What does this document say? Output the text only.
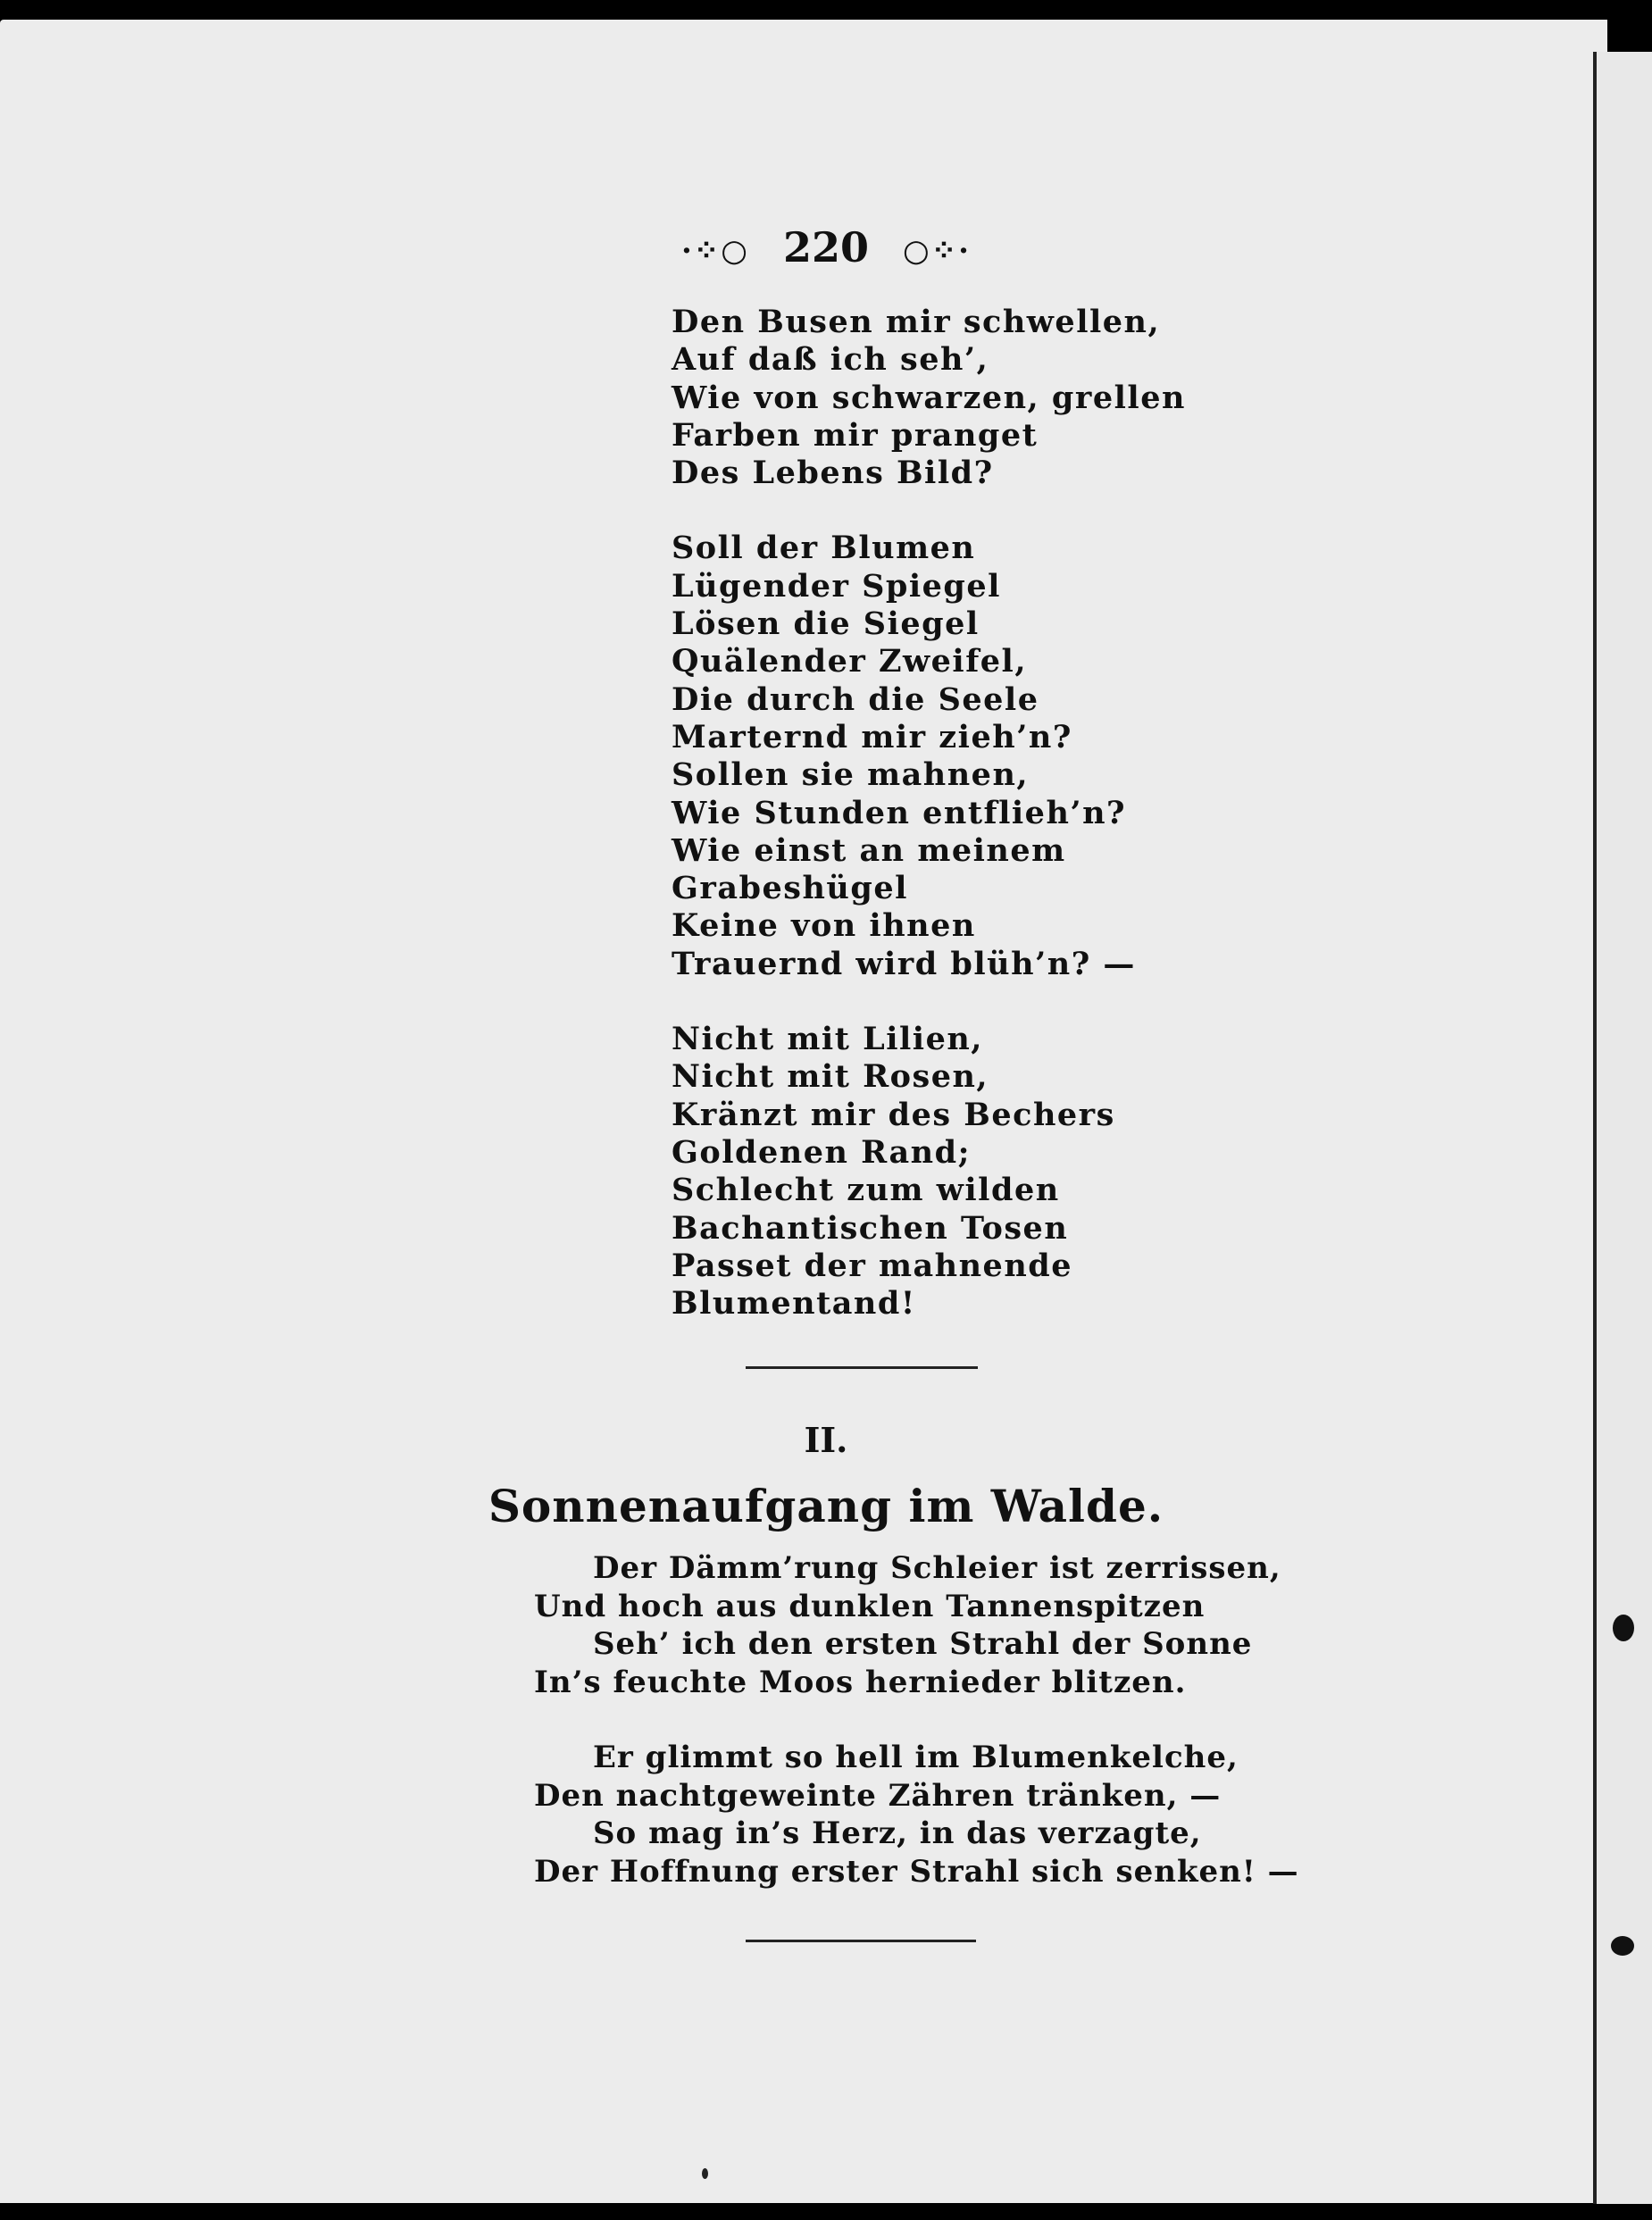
·⁘○ 220 ○⁘·
Den Busen mir schwellen,
Auf daß ich seh’,
Wie von schwarzen, grellen
Farben mir pranget
Des Lebens Bild?
Soll der Blumen
Lügender Spiegel
Lösen die Siegel
Quälender Zweifel,
Die durch die Seele
Marternd mir zieh’n?
Sollen sie mahnen,
Wie Stunden entflieh’n?
Wie einst an meinem
Grabeshügel
Keine von ihnen
Trauernd wird blüh’n? —
Nicht mit Lilien,
Nicht mit Rosen,
Kränzt mir des Bechers
Goldenen Rand;
Schlecht zum wilden
Bachantischen Tosen
Passet der mahnende
Blumentand!
II.
Sonnenaufgang im Walde.
Der Dämm’rung Schleier ist zerrissen,
Und hoch aus dunklen Tannenspitzen
Seh’ ich den ersten Strahl der Sonne
In’s feuchte Moos hernieder blitzen.
Er glimmt so hell im Blumenkelche,
Den nachtgeweinte Zähren tränken, —
So mag in’s Herz, in das verzagte,
Der Hoffnung erster Strahl sich senken! —
